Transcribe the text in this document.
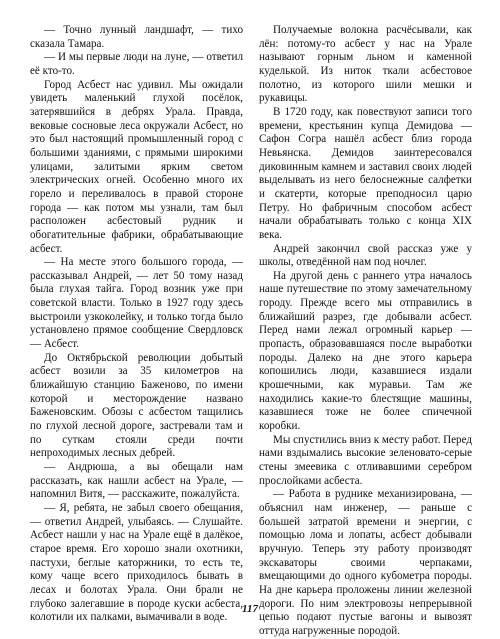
— Точно лунный ландшафт, — тихо сказала Тамара.

— И мы первые люди на луне, — ответил её кто-то.

Город Асбест нас удивил. Мы ожидали увидеть маленький глухой посёлок, затерявшийся в дебрях Урала. Правда, вековые сосновые леса окружали Асбест, но это был настоящий промышленный город с большими зданиями, с прямыми широкими улицами, залитыми ярким светом электрических огней. Особенно много их горело и переливалось в правой стороне города — как потом мы узнали, там был расположен асбестовый рудник и обогатительные фабрики, обрабатывающие асбест.

— На месте этого большого города, — рассказывал Андрей, — лет 50 тому назад была глухая тайга. Город возник уже при советской власти. Только в 1927 году здесь выстроили узкоколейку, и только тогда было установлено прямое сообщение Свердловск — Асбест.

До Октябрьской революции добытый асбест возили за 35 километров на ближайшую станцию Баженово, по имени которой и месторождение названо Баженовским. Обозы с асбестом тащились по глухой лесной дороге, застревали там и по суткам стояли среди почти непроходимых лесных дебрей.

— Андрюша, а вы обещали нам рассказать, как нашли асбест на Урале, — напомнил Витя, — расскажите, пожалуйста.

— Я, ребята, не забыл своего обещания, — ответил Андрей, улыбаясь. — Слушайте. Асбест нашли у нас на Урале ещё в далёкое, старое время. Его хорошо знали охотники, пастухи, беглые каторжники, то есть те, кому чаще всего приходилось бывать в лесах и болотах Урала. Они брали не глубоко залегавшие в породе куски асбеста, колотили их палками, вымачивали в воде.

Получаемые волокна расчёсывали, как лён: потому-то асбест у нас на Урале называют горным льном и каменной куделькой. Из ниток ткали асбестовое полотно, из которого шили мешки и рукавицы.

В 1720 году, как повествуют записи того времени, крестьянин купца Демидова — Сафон Согра нашёл асбест близ города Невьянска. Демидов заинтересовался диковинным камнем и заставил своих людей выделывать из него белоснежные салфетки и скатерти, которые преподносил царю Петру. Но фабричным способом асбест начали обрабатывать только с конца XIX века.

Андрей закончил свой рассказ уже у школы, отведённой нам под ночлег.

На другой день с раннего утра началось наше путешествие по этому замечательному городу. Прежде всего мы отправились в ближайший разрез, где добывали асбест. Перед нами лежал огромный карьер — пропасть, образовавшаяся после выработки породы. Далеко на дне этого карьера копошились люди, казавшиеся издали крошечными, как муравьи. Там же находились какие-то блестящие машины, казавшиеся тоже не более спичечной коробки.

Мы спустились вниз к месту работ. Перед нами вздымались высокие зеленовато-серые стены змеевика с отливавшими серебром прослойками асбеста.

— Работа в руднике механизирована, — объяснил нам инженер, — раньше с большей затратой времени и энергии, с помощью лома и лопаты, асбест добывали вручную. Теперь эту работу производят экскаваторы своими черпаками, вмещающими до одного кубометра породы. На дне карьера проложены линии железной дороги. По ним электровозы непрерывной цепью подают пустые вагоны и вывозят оттуда нагруженные породой.

117
